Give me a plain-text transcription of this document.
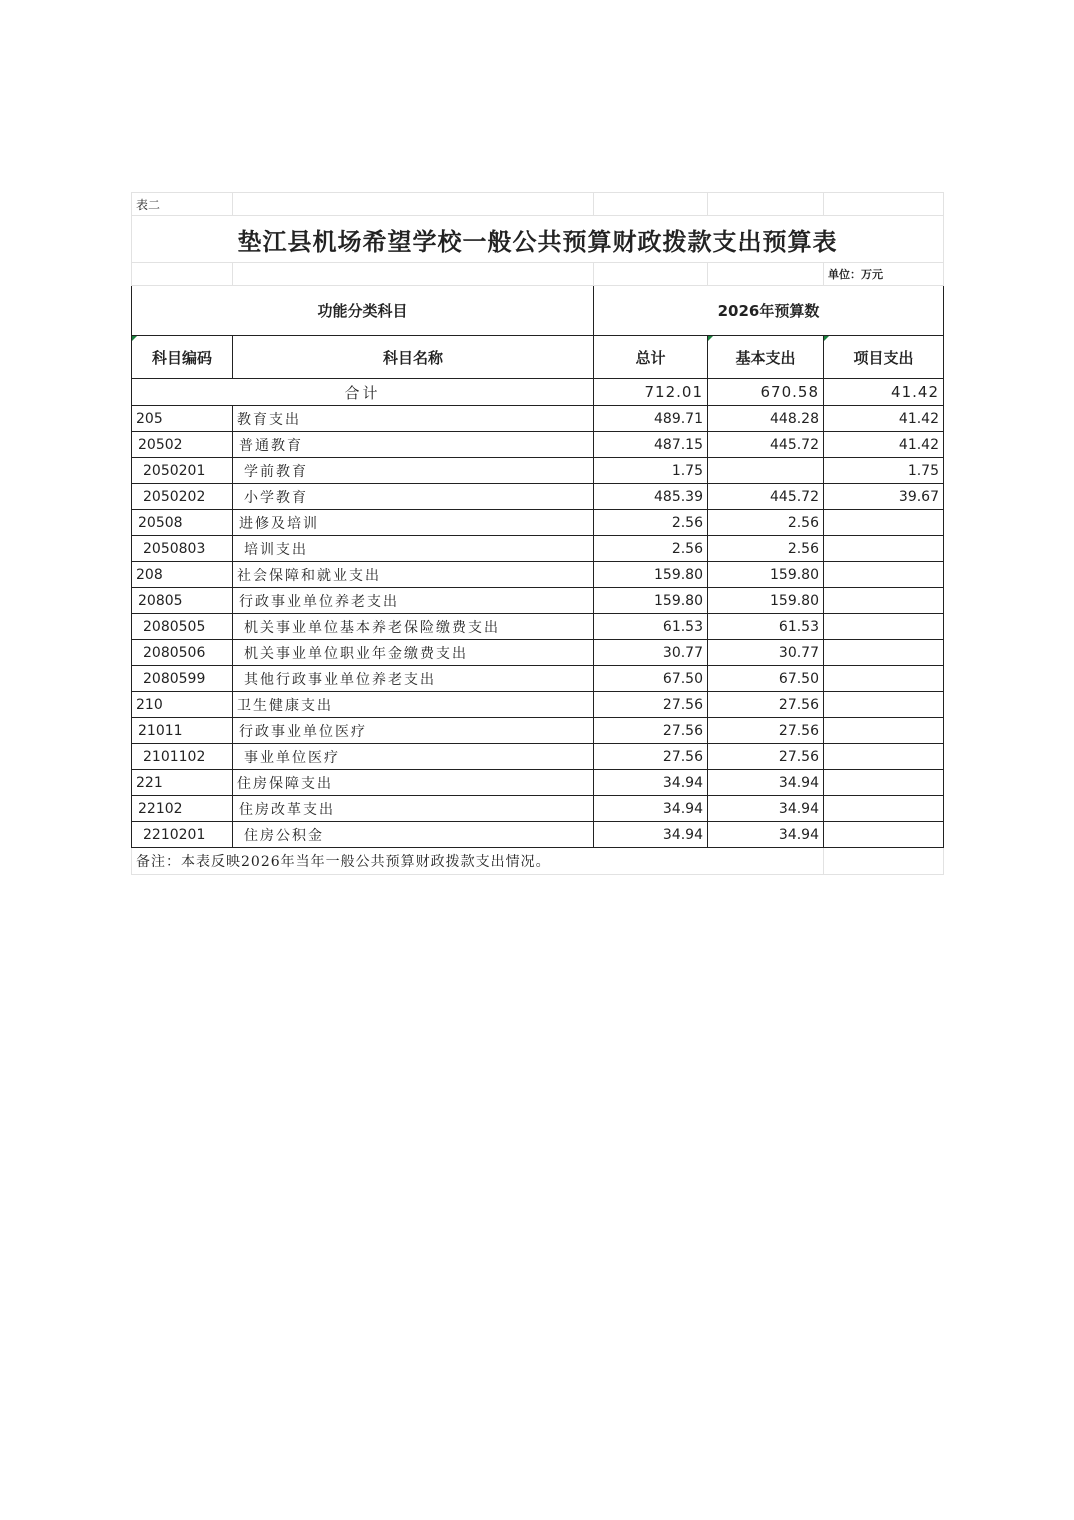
表二				
垫江县机场希望学校一般公共预算财政拨款支出预算表				
				单位：万元
功能分类科目		2026年预算数		
科目编码	科目名称	总计	基本支出	项目支出
合计		712.01	670.58	41.42
205	教育支出	489.71	448.28	41.42
20502	普通教育	487.15	445.72	41.42
2050201	学前教育	1.75		1.75
2050202	小学教育	485.39	445.72	39.67
20508	进修及培训	2.56	2.56	
2050803	培训支出	2.56	2.56	
208	社会保障和就业支出	159.80	159.80	
20805	行政事业单位养老支出	159.80	159.80	
2080505	机关事业单位基本养老保险缴费支出	61.53	61.53	
2080506	机关事业单位职业年金缴费支出	30.77	30.77	
2080599	其他行政事业单位养老支出	67.50	67.50	
210	卫生健康支出	27.56	27.56	
21011	行政事业单位医疗	27.56	27.56	
2101102	事业单位医疗	27.56	27.56	
221	住房保障支出	34.94	34.94	
22102	住房改革支出	34.94	34.94	
2210201	住房公积金	34.94	34.94	
备注：本表反映2026年当年一般公共预算财政拨款支出情况。				
